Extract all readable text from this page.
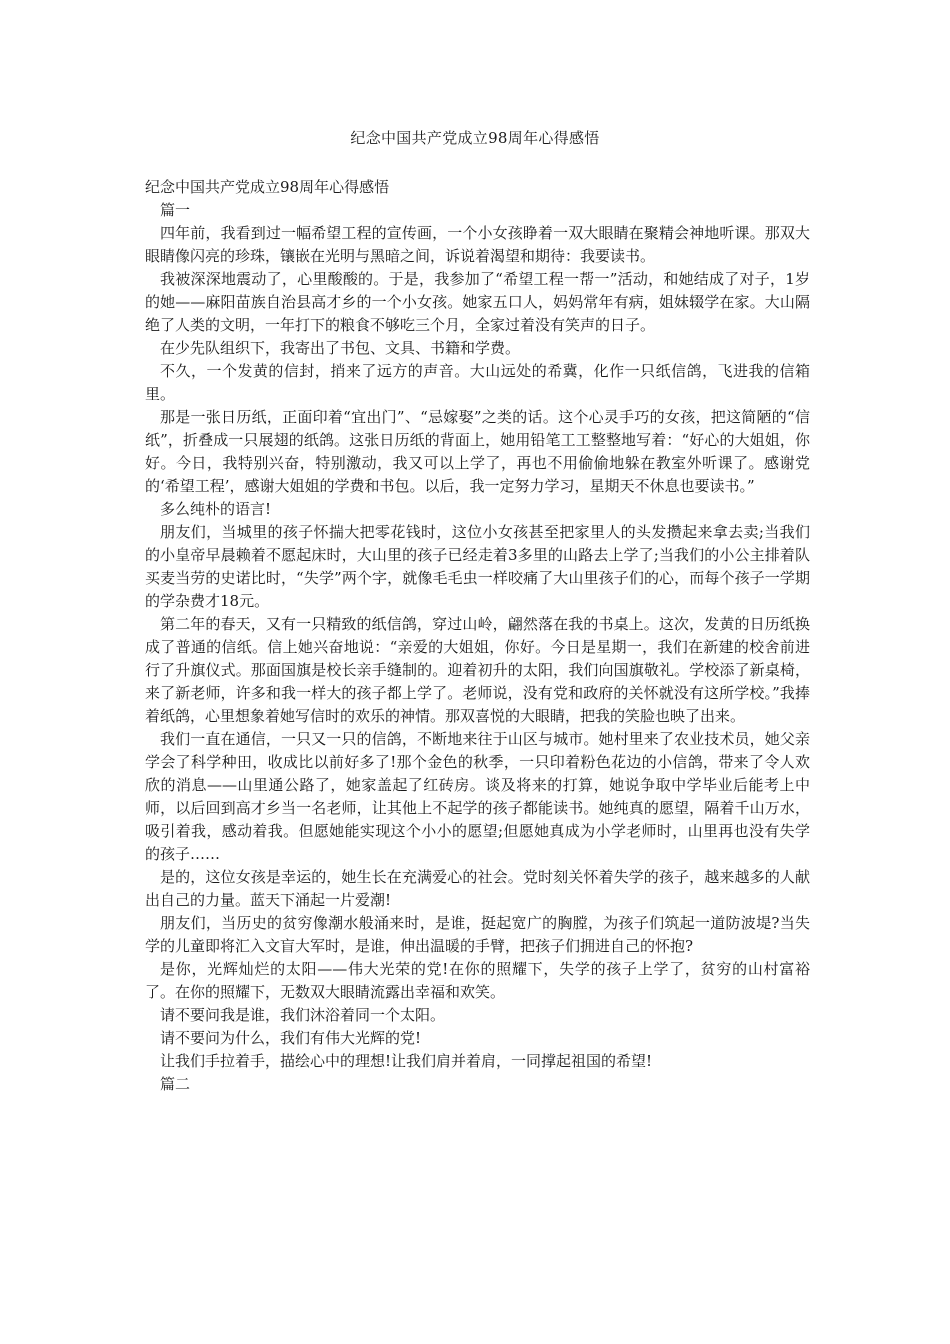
纪念中国共产党成立98周年心得感悟

纪念中国共产党成立98周年心得感悟

篇一

四年前，我看到过一幅希望工程的宣传画，一个小女孩睁着一双大眼睛在聚精会神地听课。那双大眼睛像闪亮的珍珠，镶嵌在光明与黑暗之间，诉说着渴望和期待：我要读书。

我被深深地震动了，心里酸酸的。于是，我参加了“希望工程一帮一”活动，和她结成了对子，1岁的她——麻阳苗族自治县高才乡的一个小女孩。她家五口人，妈妈常年有病，姐妹辍学在家。大山隔绝了人类的文明，一年打下的粮食不够吃三个月，全家过着没有笑声的日子。

在少先队组织下，我寄出了书包、文具、书籍和学费。

不久，一个发黄的信封，捎来了远方的声音。大山远处的希冀，化作一只纸信鸽，飞进我的信箱里。

那是一张日历纸，正面印着“宜出门”、“忌嫁娶”之类的话。这个心灵手巧的女孩，把这简陋的“信纸”，折叠成一只展翅的纸鸽。这张日历纸的背面上，她用铅笔工工整整地写着：“好心的大姐姐，你好。今日，我特别兴奋，特别激动，我又可以上学了，再也不用偷偷地躲在教室外听课了。感谢党的‘希望工程’，感谢大姐姐的学费和书包。以后，我一定努力学习，星期天不休息也要读书。”

多么纯朴的语言!

朋友们，当城里的孩子怀揣大把零花钱时，这位小女孩甚至把家里人的头发攒起来拿去卖;当我们的小皇帝早晨赖着不愿起床时，大山里的孩子已经走着3多里的山路去上学了;当我们的小公主排着队买麦当劳的史诺比时，“失学”两个字，就像毛毛虫一样咬痛了大山里孩子们的心，而每个孩子一学期的学杂费才18元。

第二年的春天，又有一只精致的纸信鸽，穿过山岭，翩然落在我的书桌上。这次，发黄的日历纸换成了普通的信纸。信上她兴奋地说：“亲爱的大姐姐，你好。今日是星期一，我们在新建的校舍前进行了升旗仪式。那面国旗是校长亲手缝制的。迎着初升的太阳，我们向国旗敬礼。学校添了新桌椅，来了新老师，许多和我一样大的孩子都上学了。老师说，没有党和政府的关怀就没有这所学校。”我捧着纸鸽，心里想象着她写信时的欢乐的神情。那双喜悦的大眼睛，把我的笑脸也映了出来。

我们一直在通信，一只又一只的信鸽，不断地来往于山区与城市。她村里来了农业技术员，她父亲学会了科学种田，收成比以前好多了!那个金色的秋季，一只印着粉色花边的小信鸽，带来了令人欢欣的消息——山里通公路了，她家盖起了红砖房。谈及将来的打算，她说争取中学毕业后能考上中师，以后回到高才乡当一名老师，让其他上不起学的孩子都能读书。她纯真的愿望，隔着千山万水，吸引着我，感动着我。但愿她能实现这个小小的愿望;但愿她真成为小学老师时，山里再也没有失学的孩子……

是的，这位女孩是幸运的，她生长在充满爱心的社会。党时刻关怀着失学的孩子，越来越多的人献出自己的力量。蓝天下涌起一片爱潮!

朋友们，当历史的贫穷像潮水般涌来时，是谁，挺起宽广的胸膛，为孩子们筑起一道防波堤?当失学的儿童即将汇入文盲大军时，是谁，伸出温暖的手臂，把孩子们拥进自己的怀抱?

是你，光辉灿烂的太阳——伟大光荣的党!在你的照耀下，失学的孩子上学了，贫穷的山村富裕了。在你的照耀下，无数双大眼睛流露出幸福和欢笑。

请不要问我是谁，我们沐浴着同一个太阳。

请不要问为什么，我们有伟大光辉的党!

让我们手拉着手，描绘心中的理想!让我们肩并着肩，一同撑起祖国的希望!

篇二
